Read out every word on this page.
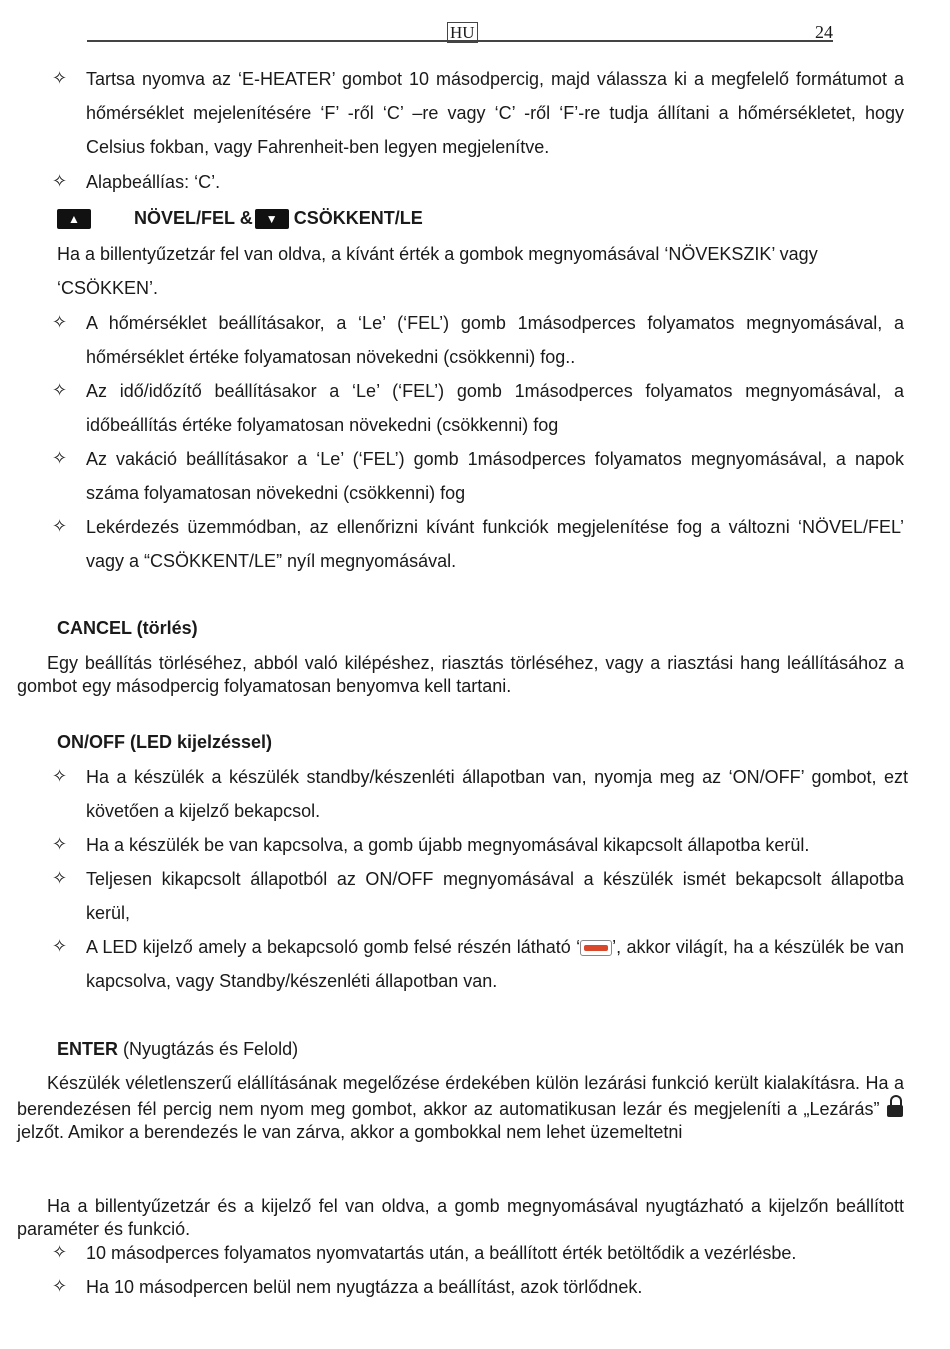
HU	24
✧ Tartsa nyomva az ‘E-HEATER’ gombot 10 másodpercig, majd válassza ki a megfelelő formátumot a hőmérséklet mejelenítésére ‘F’ -ről ‘C’ –re vagy ‘C’ -ről ‘F’-re tudja állítani a hőmérsékletet, hogy Celsius fokban, vagy Fahrenheit-ben legyen megjelenítve.
✧ Alapbeállías: ‘C’.
▲	NÖVEL/FEL & ▼ CSÖKKENT/LE
Ha a billentyűzetzár fel van oldva, a kívánt érték a gombok megnyomásával ‘NÖVEKSZIK’ vagy ‘CSÖKKEN’.
✧ A hőmérséklet beállításakor, a ‘Le’ (‘FEL’) gomb 1másodperces folyamatos megnyomásával, a hőmérséklet értéke folyamatosan növekedni (csökkenni) fog..
✧ Az idő/időzítő beállításakor a ‘Le’ (‘FEL’) gomb 1másodperces folyamatos megnyomásával, a időbeállítás értéke folyamatosan növekedni (csökkenni) fog
✧ Az vakáció beállításakor a ‘Le’ (‘FEL’) gomb 1másodperces folyamatos megnyomásával, a napok száma folyamatosan növekedni (csökkenni) fog
✧ Lekérdezés üzemmódban, az ellenőrizni kívánt funkciók megjelenítése fog a változni ‘NÖVEL/FEL’ vagy a “CSÖKKENT/LE” nyíl megnyomásával.
CANCEL (törlés)
Egy beállítás törléséhez, abból való kilépéshez, riasztás törléséhez, vagy a riasztási hang leállításához a gombot egy másodpercig folyamatosan benyomva kell tartani.
ON/OFF (LED kijelzéssel)
✧ Ha a készülék a készülék standby/készenléti állapotban van, nyomja meg az ‘ON/OFF’ gombot, ezt követően a kijelző bekapcsol.
✧ Ha a készülék be van kapcsolva, a gomb újabb megnyomásával kikapcsolt állapotba kerül.
✧ Teljesen kikapcsolt állapotból az ON/OFF megnyomásával a készülék ismét bekapcsolt állapotba kerül,
✧ A LED kijelző amely a bekapcsoló gomb felsé részén látható ‘ ’, akkor világít, ha a készülék be van kapcsolva, vagy Standby/készenléti állapotban van.
ENTER (Nyugtázás és Felold)
Készülék véletlenszerű elállításának megelőzése érdekében külön lezárási funkció került kialakításra. Ha a berendezésen fél percig nem nyom meg gombot, akkor az automatikusan lezár és megjeleníti a „Lezárás”
jelzőt. Amikor a berendezés le van zárva, akkor a gombokkal nem lehet üzemeltetni
Ha a billentyűzetzár és a kijelző fel van oldva, a gomb megnyomásával nyugtázható a kijelzőn beállított paraméter és funkció.
✧ 10 másodperces folyamatos nyomvatartás után, a beállított érték betöltődik a vezérlésbe.
✧ Ha 10 másodpercen belül nem nyugtázza a beállítást, azok törlődnek.
